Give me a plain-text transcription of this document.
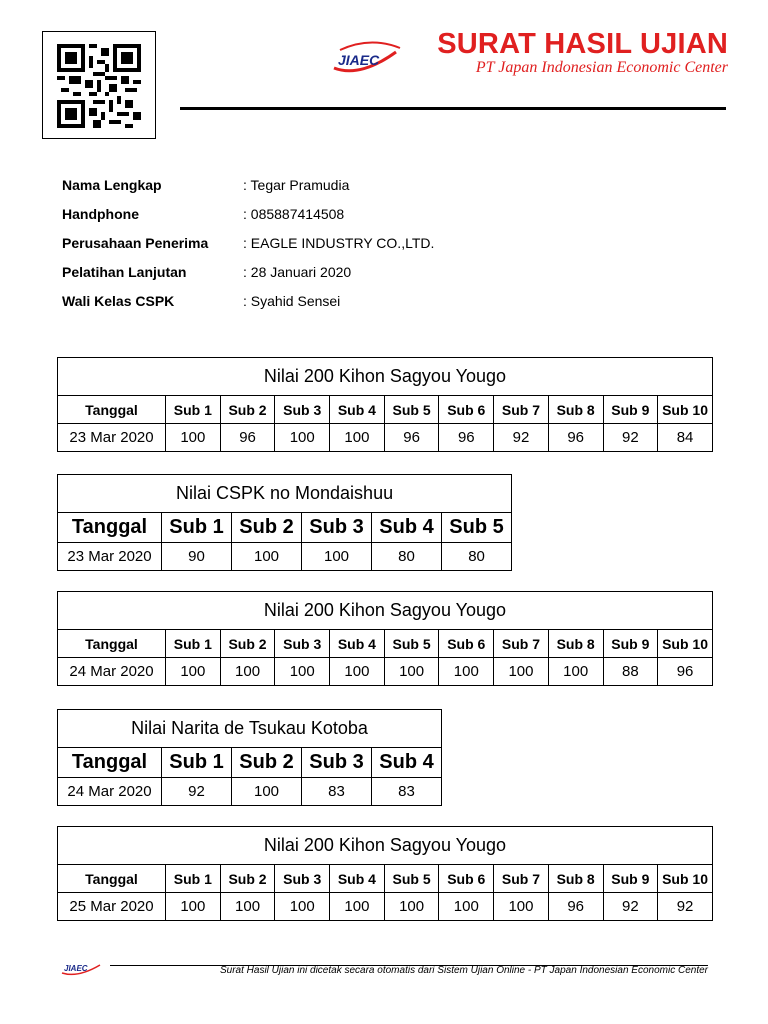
JIAEC SURAT HASIL UJIAN
PT Japan Indonesian Economic Center
Nama Lengkap	: Tegar Pramudia
Handphone	: 085887414508
Perusahaan Penerima : EAGLE INDUSTRY CO.,LTD.
Pelatihan Lanjutan	: 28 Januari 2020
Wali Kelas CSPK	: Syahid Sensei
Nilai 200 Kihon Sagyou Yougo										
Tanggal	Sub 1	Sub 2	Sub 3	Sub 4	Sub 5	Sub 6	Sub 7	Sub 8	Sub 9	Sub 10
23 Mar 2020	100	96	100	100	96	96	92	96	92	84
Nilai CSPK no Mondaishuu					
Tanggal	Sub 1	Sub 2	Sub 3	Sub 4	Sub 5
23 Mar 2020	90	100	100	80	80
Nilai 200 Kihon Sagyou Yougo										
Tanggal	Sub 1	Sub 2	Sub 3	Sub 4	Sub 5	Sub 6	Sub 7	Sub 8	Sub 9	Sub 10
24 Mar 2020	100	100	100	100	100	100	100	100	88	96
Nilai Narita de Tsukau Kotoba				
Tanggal	Sub 1	Sub 2	Sub 3	Sub 4
24 Mar 2020	92	100	83	83
Nilai 200 Kihon Sagyou Yougo										
Tanggal	Sub 1	Sub 2	Sub 3	Sub 4	Sub 5	Sub 6	Sub 7	Sub 8	Sub 9	Sub 10
25 Mar 2020	100	100	100	100	100	100	100	96	92	92
JIAEC	Surat Hasil Ujian ini dicetak secara otomatis dari Sistem Ujian Online - PT Japan Indonesian Economic Center
